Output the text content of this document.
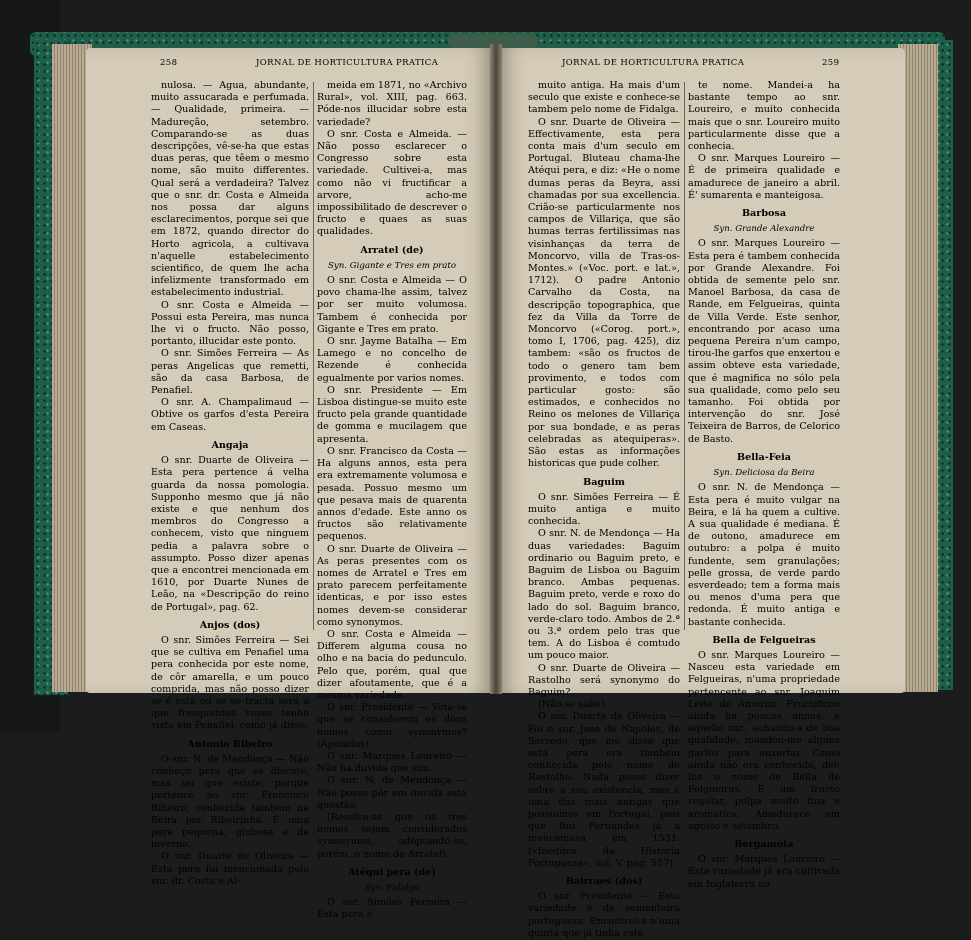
258	JORNAL DE HORTICULTURA PRATICA	JORNAL DE HORTICULTURA PRATICA	259

nulosa. — Agua, abundante, muito assucarada e perfumada. — Qualidade, primeira. — Madureção, setembro. Comparando-se as duas descripções, vê-se-ha que estas duas peras, que têem o mesmo nome, são muito differentes. Qual será a verdadeira? Talvez que o snr. dr. Costa e Almeida nos possa dar alguns esclarecimentos, porque sei que em 1872, quando director do Horto agricola, a cultivava n'aquelle estabelecimento scientifico, de quem lhe acha infelizmente transformado em estabelecimento industrial.

O snr. Costa e Almeida — Possui esta Pereira, mas nunca lhe vi o fructo. Não posso, portanto, illucidar este ponto.

O snr. Simões Ferreira — As peras Angelicas que remetti, são da casa Barbosa, de Penafiel.

O snr. A. Champalimaud — Obtive os garfos d'esta Pereira em Caseas.

Angaja

O snr. Duarte de Oliveira — Esta pera pertence á velha guarda da nossa pomologia. Supponho mesmo que já não existe e que nenhum dos membros do Congresso a conhecem, visto que ninguem pedia a palavra sobre o assumpto. Posso dizer apenas que a encontrei mencionada em 1610, por Duarte Nunes de Leão, na «Descripção do reino de Portugal», pag. 62.

Anjos (dos)

O snr. Simões Ferreira — Sei que se cultiva em Penafiel uma pera conhecida por este nome, de côr amarella, e um pouco comprida, mas não posso dizer se é esta ou se se tracta será a que fresquentes vezes tenho visto em Penafiel, como já disse.

Antonio Ribeiro

O snr. N. de Mendonça — Não conheço pera que se discute, mas sei que existe, porque pertence ao snr. Francisco Ribeiro, conhecida tambem na Beira por Ribeirinha. É uma pera pequena, globosa e de inverno.

O snr. Duarte de Oliveira — Esta pera foi mencionada pelo snr. dr. Costa e Al-

meida em 1871, no «Archivo Rural», vol. XIII, pag. 663. Póde-nos illucidar sobre esta variedade?

O snr. Costa e Almeida. — Não posso esclarecer o Congresso sobre esta variedade. Cultivei-a, mas como não vi fructificar a arvore, acho-me impossibilitado de descrever o fructo e quaes as suas qualidades.

Arratel (de)

Syn. Gigante e Tres em prato

O snr. Costa e Almeida — O povo chama-lhe assim, talvez por ser muito volumosa. Tambem é conhecida por Gigante e Tres em prato.

O snr. Jayme Batalha — Em Lamego e no concelho de Rezende é conhecida egualmente por varios nomes.

O snr. Presidente — Em Lisboa distingue-se muito este fructo pela grande quantidade de gomma e mucilagem que apresenta.

O snr. Francisco da Costa — Ha alguns annos, esta pera era extremamente volumosa e pesada. Possuo mesmo um que pesava mais de quarenta annos d'edade. Este anno os fructos são relativamente pequenos.

O snr. Duarte de Oliveira — As peras presentes com os nomes de Arratel e Tres em prato parecem perfeitamente identicas, e por isso estes nomes devem-se considerar como synonymos.

O snr. Costa e Almeida — Differem alguma cousa no olho e na bacia do pedunculo. Pelo que, porém, qual que dizer afoutamente, que é a mesma variedade.

O snr. Presidente — Vota-se que se considerem os dous nomes como synonymos? (Apoiados).

O snr. Marques Loureiro — Não ha duvida que sim.

O snr. N. de Mendonça — Não posso pôr em duvida esta questão.

(Resolve-se que os tres nomes sejam considerados synonymos, adoptando-se, porém, o nome de Arratel).

Atéqui pera (de)

Syn. Fidalga

O snr. Simões Ferreira — Esta pera é

muito antiga. Ha mais d'um seculo que existe e conhece-se tambem pelo nome de Fidalga.

O snr. Duarte de Oliveira — Effectivamente, esta pera conta mais d'um seculo em Portugal. Bluteau chama-lhe Atéqui pera, e diz: «He o nome dumas peras da Beyra, assi chamadas por sua excellencia. Crião-se particularmente nos campos de Villariça, que são humas terras fertilissimas nas visinhanças da terra de Moncorvo, villa de Tras-os-Montes.» («Voc. port. e lat.», 1712). O padre Antonio Carvalho da Costa, na descripção topographica, que fez da Villa da Torre de Moncorvo («Corog. port.», tomo I, 1706, pag. 425), diz tambem: «são os fructos de todo o genero tam bem provimento, e todos com particular gosto: são estimados, e conhecidos no Reino os melones de Villariça por sua bondade, e as peras celebradas as atequiperas». São estas as informações historicas que pude colher.

Baguim

O snr. Simões Ferreira — É muito antiga e muito conhecida.

O snr. N. de Mendonça — Ha duas variedades: Baguim ordinario ou Baguim preto, e Baguim de Lisboa ou Baguim branco. Ambas pequenas. Baguim preto, verde e roxo do lado do sol. Baguim branco, verde-claro todo. Ambos de 2.ª ou 3.ª ordem pelo tras que tem. A do Lisboa é comtudo um pouco maior.

O snr. Duarte de Oliveira — Rastolho será synonymo do Baguim?

(Não se sabe).

O snr. Duarte de Oliveira — Foi o snr. José de Napoles, de Sarzedo, que me disse que esta pera era tambem conhecida pelo nome de Rastolho. Nada posso dizer sobre a sua existencia, mas é uma das mais antigas que possuimos em Portugal, pois que Rui Fernandes já a mencionava em 1531. («Ineditos da Historia Portugueza», vol. V, pag. 557).

Bairraes (dos)

O snr. Presidente — Esta variedade é de sementeira portugueza. Encontrei-a n'uma quinta que já tinha este

te nome. Mandei-a ha bastante tempo ao snr. Loureiro, e muito conhecida mais que o snr. Loureiro muito particularmente disse que a conhecia.

O snr. Marques Loureiro — É de primeira qualidade e amadurece de janeiro a abril. É' sumarenta e manteigosa.

Barbosa

Syn. Grande Alexandre

O snr. Marques Loureiro — Esta pera é tambem conhecida por Grande Alexandre. Foi obtida de semente pelo snr. Manoel Barbosa, da casa de Rande, em Felgueiras, quinta de Villa Verde. Este senhor, encontrando por acaso uma pequena Pereira n'um campo, tirou-lhe garfos que enxertou e assim obteve esta variedade, que é magnifica no sólo pela sua qualidade, como pelo seu tamanho. Foi obtida por intervenção do snr. José Teixeira de Barros, de Celorico de Basto.

Bella-Feia

Syn. Deliciosa da Beira

O snr. N. de Mendonça — Esta pera é muito vulgar na Beira, e lá ha quem a cultive. A sua qualidade é mediana. É de outono, amadurece em outubro: a polpa é muito fundente, sem granulações; pelle grossa, de verde pardo esverdeado; tem a forma mais ou menos d'uma pera que redonda. É muito antiga e bastante conhecida.

Bella de Felgueiras

O snr. Marques Loureiro — Nasceu esta variedade em Felgueiras, n'uma propriedade pertencente ao snr. Joaquim Leite de Amorim. Fructificou ainda ha poucos annos, e aquelle snr., achando-a de boa qualidade, mandou-me alguns garfos para enxertar. Como ainda não era conhecida, dei-lhe o nome de Bella de Felgueiras. É um fructo regular, polpa muito fina e aromatica. Amadurece em agosto e setembro.

Bergamota

O snr. Marques Loureiro — Esta variedade já era cultivada em Inglaterra no
